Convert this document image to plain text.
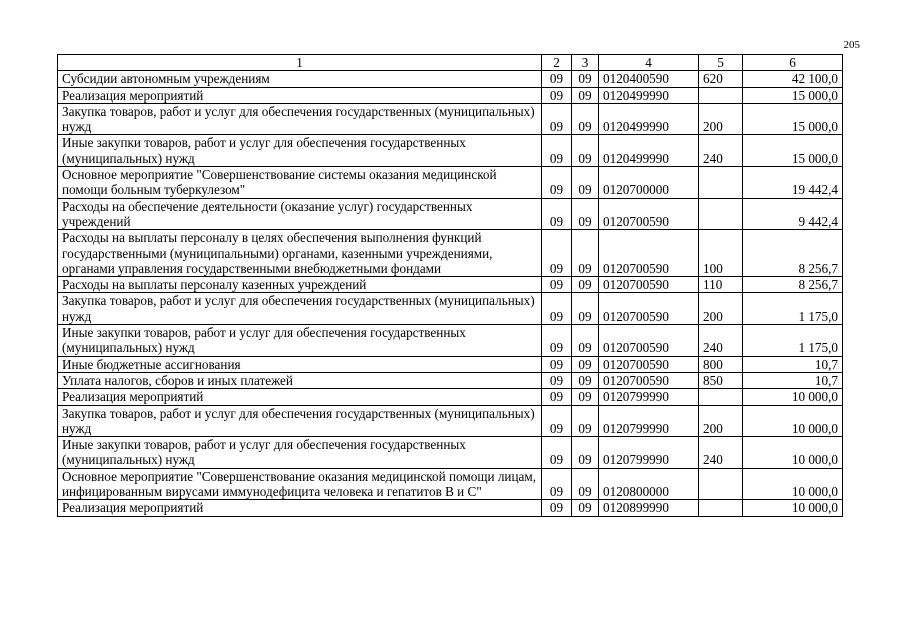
205
1	2	3	4	5	6
Субсидии автономным учреждениям	09	09	0120400590	620	42 100,0
Реализация мероприятий	09	09	0120499990		15 000,0
Закупка товаров, работ и услуг для обеспечения государственных (муниципальных) нужд	09	09	0120499990	200	15 000,0
Иные закупки товаров, работ и услуг для обеспечения государственных (муниципальных) нужд	09	09	0120499990	240	15 000,0
Основное мероприятие "Совершенствование системы оказания медицинской помощи больным туберкулезом"	09	09	0120700000		19 442,4
Расходы на обеспечение деятельности (оказание услуг) государственных учреждений	09	09	0120700590		9 442,4
Расходы на выплаты персоналу в целях обеспечения выполнения функций государственными (муниципальными) органами, казенными учреждениями, органами управления государственными внебюджетными фондами	09	09	0120700590	100	8 256,7
Расходы на выплаты персоналу казенных учреждений	09	09	0120700590	110	8 256,7
Закупка товаров, работ и услуг для обеспечения государственных (муниципальных) нужд	09	09	0120700590	200	1 175,0
Иные закупки товаров, работ и услуг для обеспечения государственных (муниципальных) нужд	09	09	0120700590	240	1 175,0
Иные бюджетные ассигнования	09	09	0120700590	800	10,7
Уплата налогов, сборов и иных платежей	09	09	0120700590	850	10,7
Реализация мероприятий	09	09	0120799990		10 000,0
Закупка товаров, работ и услуг для обеспечения государственных (муниципальных) нужд	09	09	0120799990	200	10 000,0
Иные закупки товаров, работ и услуг для обеспечения государственных (муниципальных) нужд	09	09	0120799990	240	10 000,0
Основное мероприятие "Совершенствование оказания медицинской помощи лицам, инфицированным вирусами иммунодефицита человека и гепатитов В и С"	09	09	0120800000		10 000,0
Реализация мероприятий	09	09	0120899990		10 000,0
